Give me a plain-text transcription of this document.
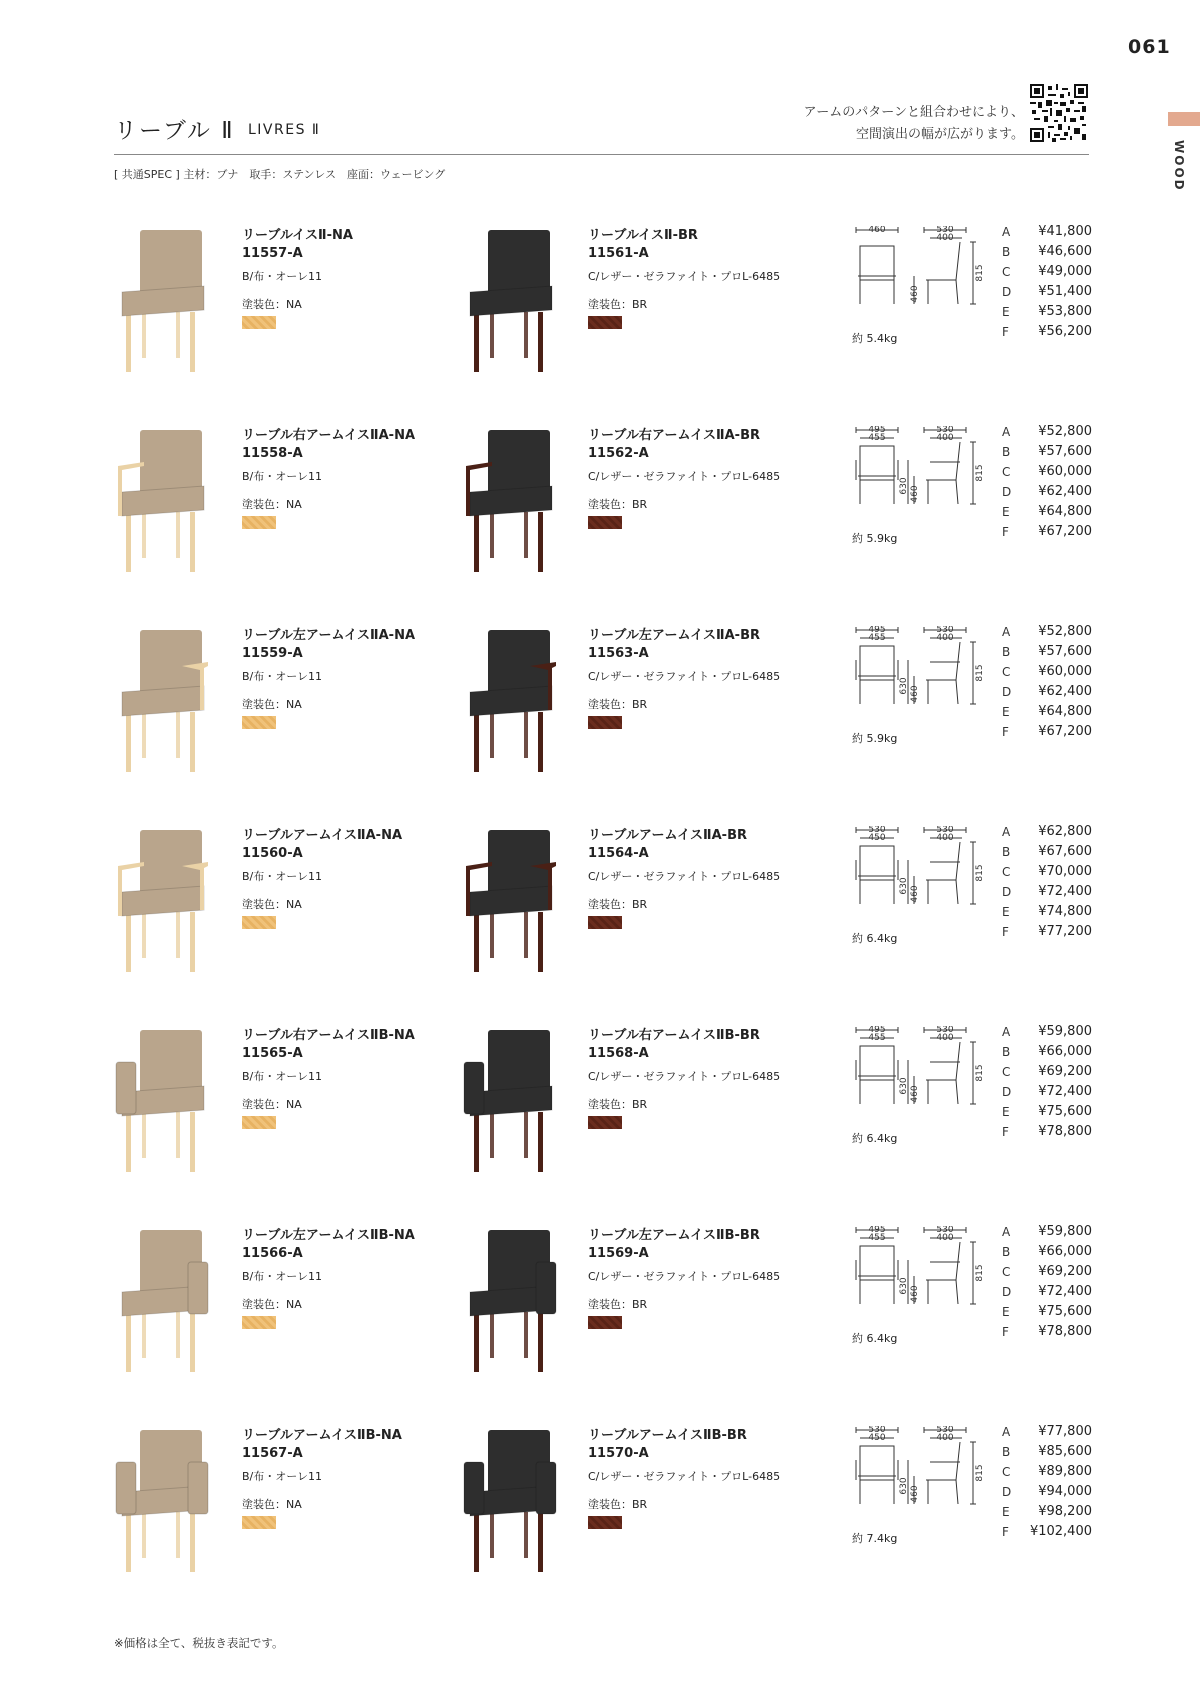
061
WOOD
リーブル Ⅱ LIVRES Ⅱ
アームのパターンと組合わせにより、
空間演出の幅が広がります。
[ 共通SPEC ] 主材：ブナ　取手：ステンレス　座面：ウェービング
リーブルイスⅡ-NA
11557-A
B/布・オーレ11
塗装色：NA
リーブルイスⅡ-BR
11561-A
C/レザー・ゼラファイト・プロL-6485
塗装色：BR
460	530
400
460
815
約 5.4kg
A ¥41,800
B ¥46,600
C ¥49,000
D ¥51,400
E ¥53,800
F ¥56,200
リーブル右アームイスⅡA-NA
11558-A
B/布・オーレ11
塗装色：NA
リーブル右アームイスⅡA-BR
11562-A
C/レザー・ゼラファイト・プロL-6485
塗装色：BR
495
455
530
400
460
630
815
約 5.9kg
A ¥52,800
B ¥57,600
C ¥60,000
D ¥62,400
E ¥64,800
F ¥67,200
リーブル左アームイスⅡA-NA
11559-A
B/布・オーレ11
塗装色：NA
リーブル左アームイスⅡA-BR
11563-A
C/レザー・ゼラファイト・プロL-6485
塗装色：BR
495
455
530
400
460
630
815
約 5.9kg
A ¥52,800
B ¥57,600
C ¥60,000
D ¥62,400
E ¥64,800
F ¥67,200
リーブルアームイスⅡA-NA
11560-A
B/布・オーレ11
塗装色：NA
リーブルアームイスⅡA-BR
11564-A
C/レザー・ゼラファイト・プロL-6485
塗装色：BR
530
450
530
400
460
630
815
約 6.4kg
A ¥62,800
B ¥67,600
C ¥70,000
D ¥72,400
E ¥74,800
F ¥77,200
リーブル右アームイスⅡB-NA
11565-A
B/布・オーレ11
塗装色：NA
リーブル右アームイスⅡB-BR
11568-A
C/レザー・ゼラファイト・プロL-6485
塗装色：BR
495
455
530
400
460
630
815
約 6.4kg
A ¥59,800
B ¥66,000
C ¥69,200
D ¥72,400
E ¥75,600
F ¥78,800
リーブル左アームイスⅡB-NA
11566-A
B/布・オーレ11
塗装色：NA
リーブル左アームイスⅡB-BR
11569-A
C/レザー・ゼラファイト・プロL-6485
塗装色：BR
495
455
530
400
460
630
815
約 6.4kg
A ¥59,800
B ¥66,000
C ¥69,200
D ¥72,400
E ¥75,600
F ¥78,800
リーブルアームイスⅡB-NA
11567-A
B/布・オーレ11
塗装色：NA
リーブルアームイスⅡB-BR
11570-A
C/レザー・ゼラファイト・プロL-6485
塗装色：BR
530
450
530
400
460
630
815
約 7.4kg
A ¥77,800
B ¥85,600
C ¥89,800
D ¥94,000
E ¥98,200
F ¥102,400
※価格は全て、税抜き表記です。
